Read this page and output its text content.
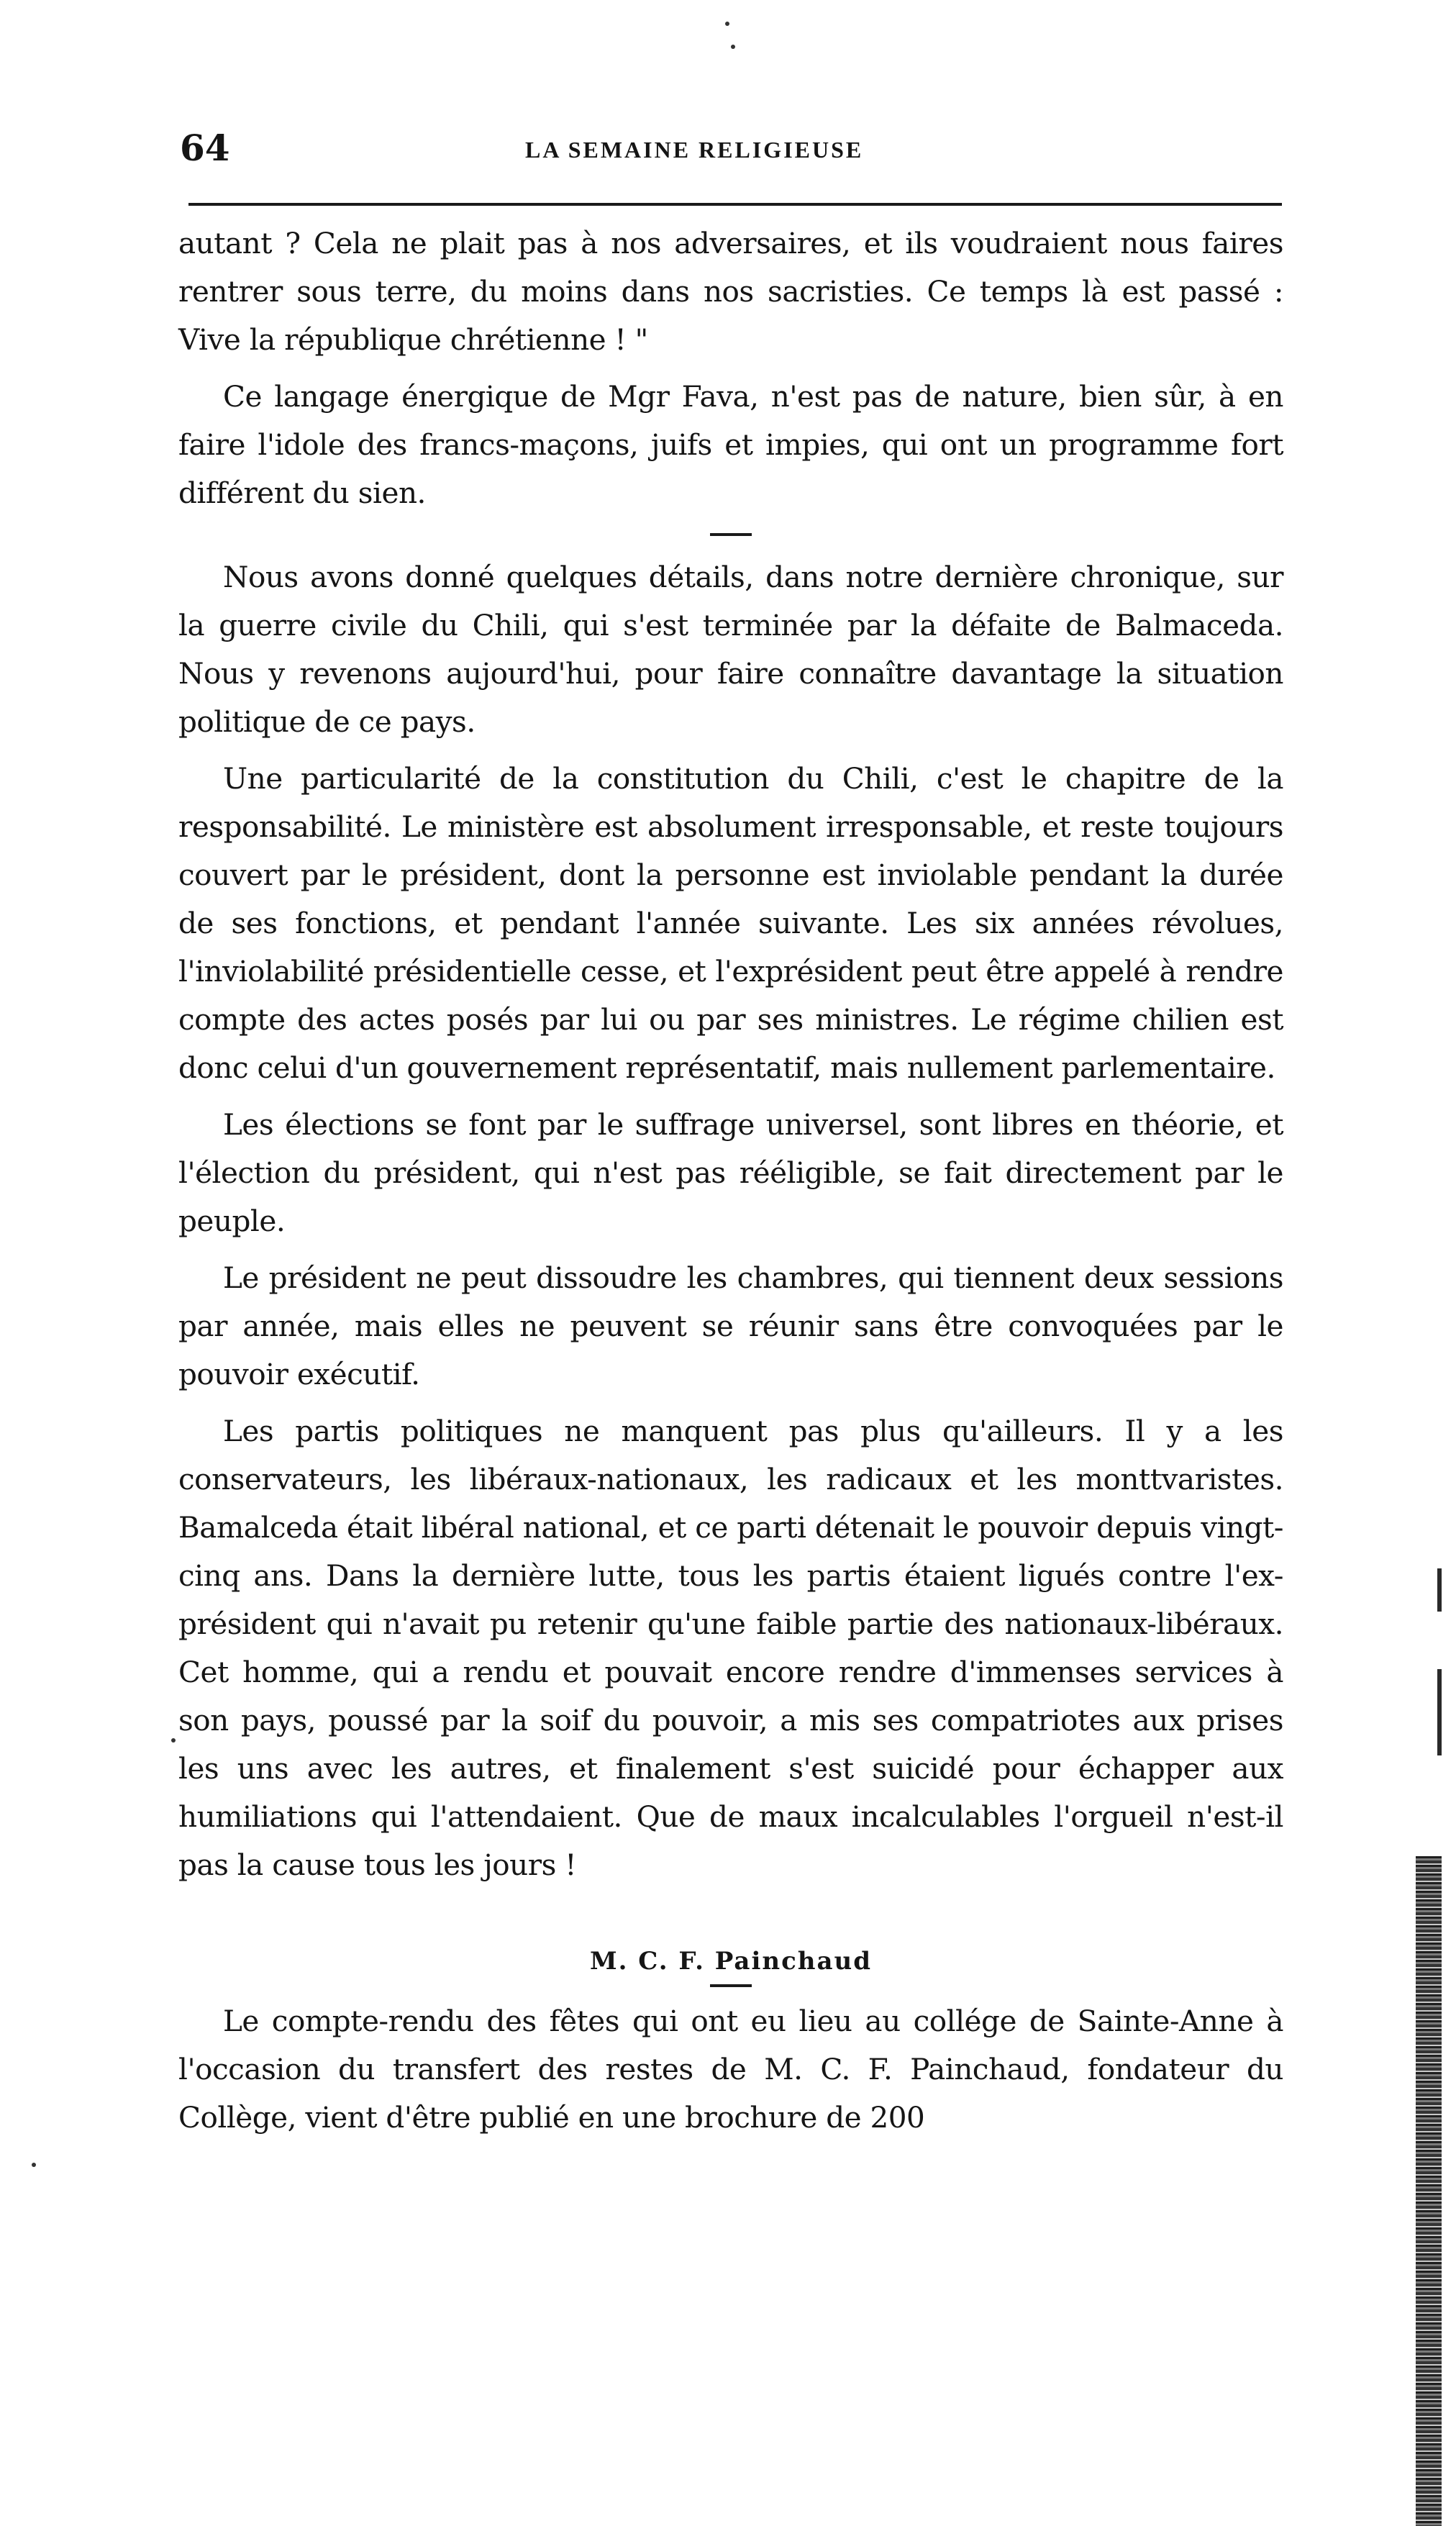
64	LA SEMAINE RELIGIEUSE

autant ? Cela ne plait pas à nos adversaires, et ils voudraient nous faires rentrer sous terre, du moins dans nos sacristies. Ce temps là est passé : Vive la république chrétienne ! "

Ce langage énergique de Mgr Fava, n'est pas de nature, bien sûr, à en faire l'idole des francs-maçons, juifs et impies, qui ont un programme fort différent du sien.

Nous avons donné quelques détails, dans notre dernière chronique, sur la guerre civile du Chili, qui s'est terminée par la défaite de Balmaceda. Nous y revenons aujourd'hui, pour faire connaître davantage la situation politique de ce pays.

Une particularité de la constitution du Chili, c'est le chapitre de la responsabilité. Le ministère est absolument irresponsable, et reste toujours couvert par le président, dont la personne est inviolable pendant la durée de ses fonctions, et pendant l'année suivante. Les six années révolues, l'inviolabilité présidentielle cesse, et l'exprésident peut être appelé à rendre compte des actes posés par lui ou par ses ministres. Le régime chilien est donc celui d'un gouvernement représentatif, mais nullement parlementaire.

Les élections se font par le suffrage universel, sont libres en théorie, et l'élection du président, qui n'est pas rééligible, se fait directement par le peuple.

Le président ne peut dissoudre les chambres, qui tiennent deux sessions par année, mais elles ne peuvent se réunir sans être convoquées par le pouvoir exécutif.

Les partis politiques ne manquent pas plus qu'ailleurs. Il y a les conservateurs, les libéraux-nationaux, les radicaux et les monttvaristes. Bamalceda était libéral national, et ce parti détenait le pouvoir depuis vingt-cinq ans. Dans la dernière lutte, tous les partis étaient ligués contre l'ex-président qui n'avait pu retenir qu'une faible partie des nationaux-libéraux. Cet homme, qui a rendu et pouvait encore rendre d'immenses services à son pays, poussé par la soif du pouvoir, a mis ses compatriotes aux prises les uns avec les autres, et finalement s'est suicidé pour échapper aux humiliations qui l'attendaient. Que de maux incalculables l'orgueil n'est-il pas la cause tous les jours !

M. C. F. Painchaud

Le compte-rendu des fêtes qui ont eu lieu au collége de Sainte-Anne à l'occasion du transfert des restes de M. C. F. Painchaud, fondateur du Collège, vient d'être publié en une brochure de 200
